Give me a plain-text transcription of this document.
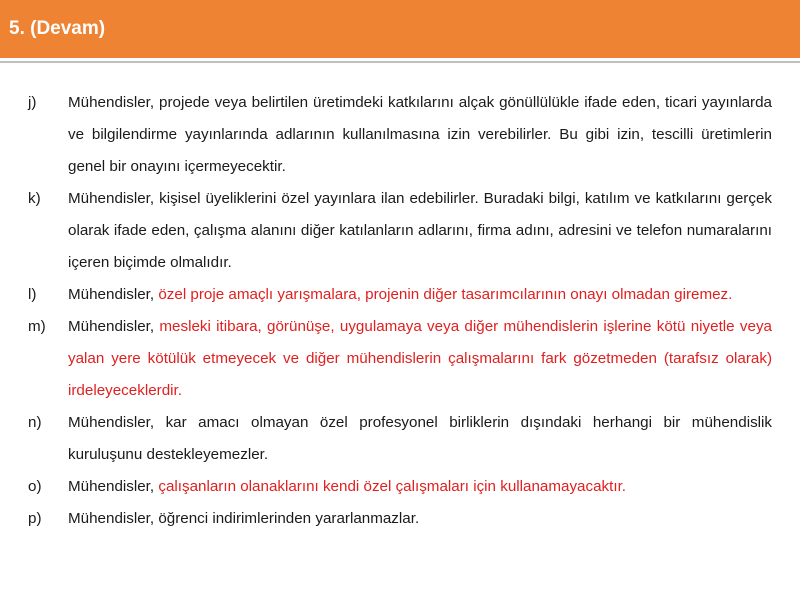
5. (Devam)
j)	Mühendisler, projede veya belirtilen üretimdeki katkılarını alçak gönüllülükle ifade eden, ticari yayınlarda ve bilgilendirme yayınlarında adlarının kullanılmasına izin verebilirler. Bu gibi izin, tescilli üretimlerin genel bir onayını içermeyecektir.
k)	Mühendisler, kişisel üyeliklerini özel yayınlara ilan edebilirler. Buradaki bilgi, katılım ve katkılarını gerçek olarak ifade eden, çalışma alanını diğer katılanların adlarını, firma adını, adresini ve telefon numaralarını içeren biçimde olmalıdır.
l)	Mühendisler, özel proje amaçlı yarışmalara, projenin diğer tasarımcılarının onayı olmadan giremez.
m)	Mühendisler, mesleki itibara, görünüşe, uygulamaya veya diğer mühendislerin işlerine kötü niyetle veya yalan yere kötülük etmeyecek ve diğer mühendislerin çalışmalarını fark gözetmeden (tarafsız olarak) irdeleyeceklerdir.
n)	Mühendisler, kar amacı olmayan özel profesyonel birliklerin dışındaki herhangi bir mühendislik kuruluşunu destekleyemezler.
o)	Mühendisler, çalışanların olanaklarını kendi özel çalışmaları için kullanamayacaktır.
p)	Mühendisler, öğrenci indirimlerinden yararlanmazlar.
